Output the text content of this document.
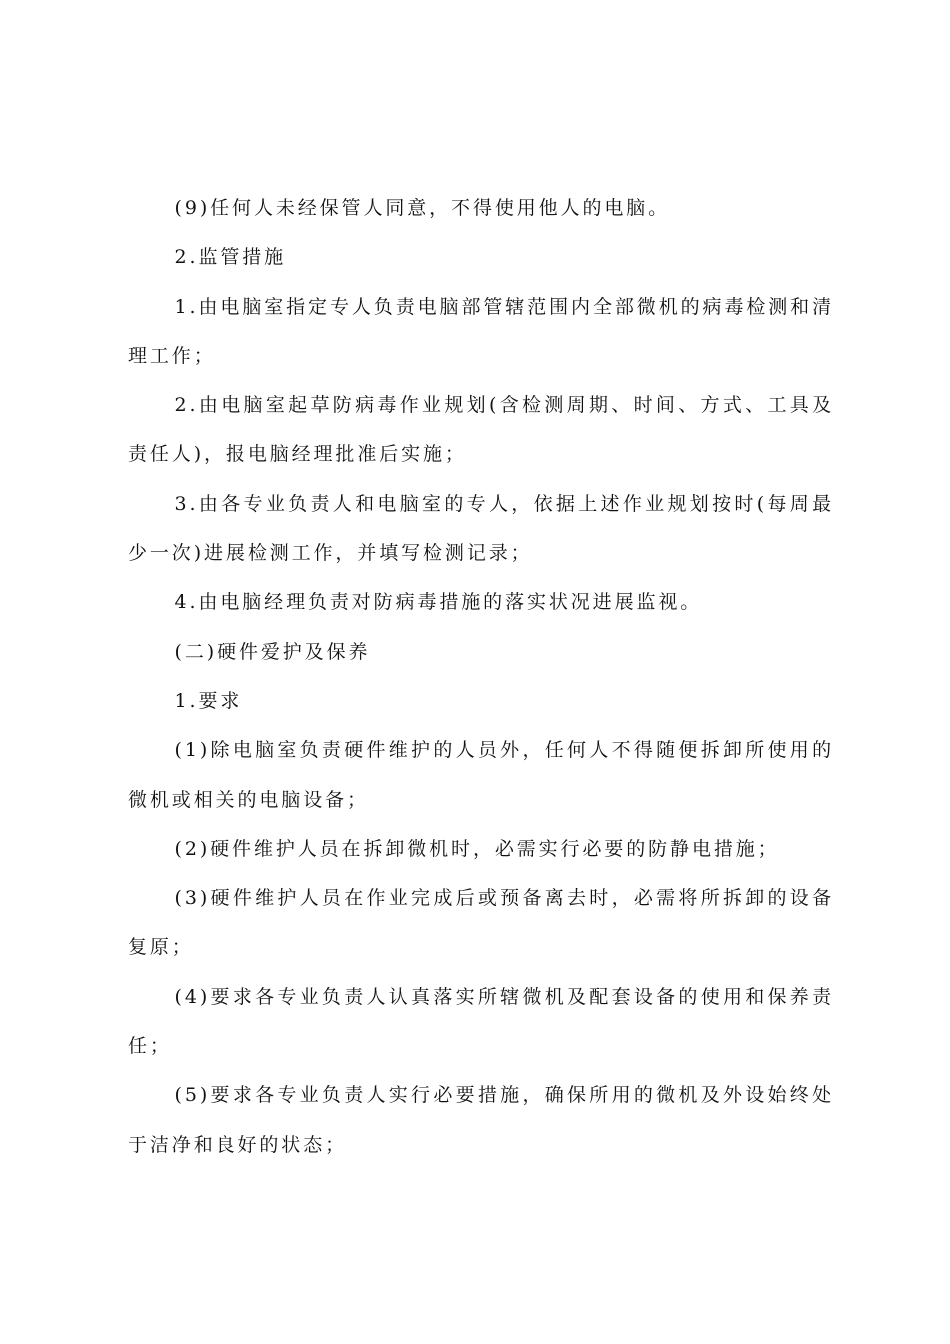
(9)任何人未经保管人同意，不得使用他人的电脑。

2.监管措施

1.由电脑室指定专人负责电脑部管辖范围内全部微机的病毒检测和清理工作；

2.由电脑室起草防病毒作业规划(含检测周期、时间、方式、工具及责任人)，报电脑经理批准后实施；

3.由各专业负责人和电脑室的专人，依据上述作业规划按时(每周最少一次)进展检测工作，并填写检测记录；

4.由电脑经理负责对防病毒措施的落实状况进展监视。

(二)硬件爱护及保养

1.要求

(1)除电脑室负责硬件维护的人员外，任何人不得随便拆卸所使用的微机或相关的电脑设备；

(2)硬件维护人员在拆卸微机时，必需实行必要的防静电措施；

(3)硬件维护人员在作业完成后或预备离去时，必需将所拆卸的设备复原；

(4)要求各专业负责人认真落实所辖微机及配套设备的使用和保养责任；

(5)要求各专业负责人实行必要措施，确保所用的微机及外设始终处于洁净和良好的状态；
